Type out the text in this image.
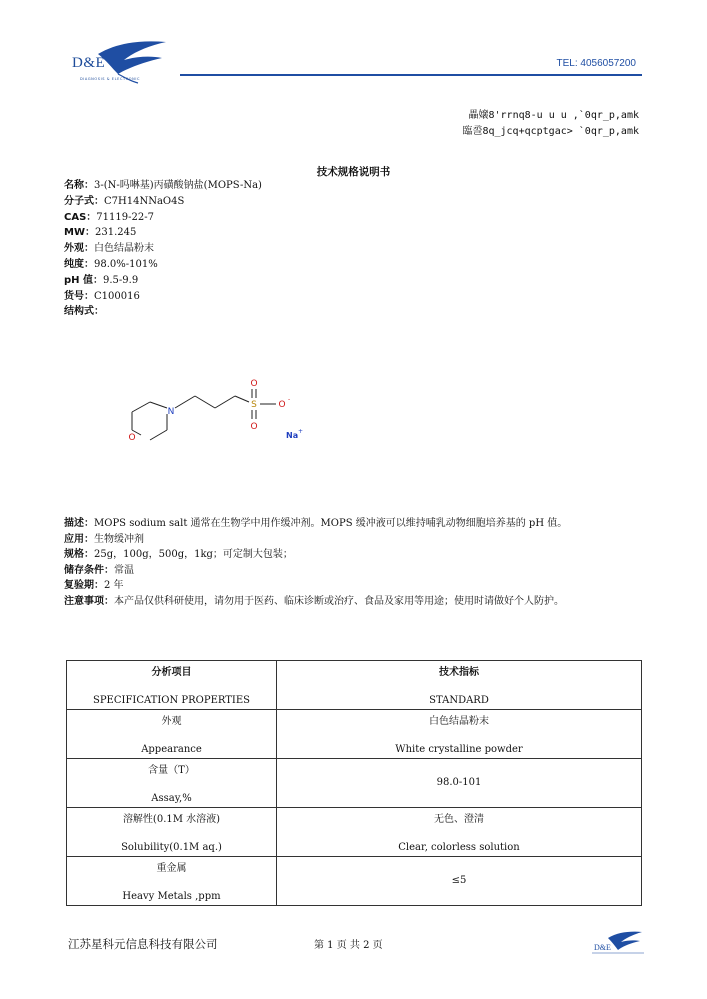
D&E
DIAGNOSIS & ELECTRONIC
TEL: 4056057200
畾嬢8'rrnq8-u u u ,`0qr_p,amk
臨巹8q_jcq+qcptgac> `0qr_p,amk
技术规格说明书
名称：3-(N-吗啉基)丙磺酸钠盐(MOPS-Na)
分子式：C7H14NNaO4S
CAS：71119-22-7
MW：231.245
外观：白色结晶粉末
纯度：98.0%-101%
pH 值：9.5-9.9
货号：C100016
结构式：
N
O
S
O
O
O
-
Na +
描述：MOPS sodium salt 通常在生物学中用作缓冲剂。MOPS 缓冲液可以维持哺乳动物细胞培养基的 pH 值。
应用：生物缓冲剂
规格：25g，100g，500g，1kg；可定制大包装；
储存条件：常温
复验期：2 年
注意事项：本产品仅供科研使用，请勿用于医药、临床诊断或治疗、食品及家用等用途；使用时请做好个人防护。
分析项目
SPECIFICATION PROPERTIES	技术指标
STANDARD

外观
Appearance	白色结晶粉末
White crystalline powder

含量（T）
Assay,%	98.0-101

溶解性(0.1M 水溶液)
Solubility(0.1M aq.)	无色、澄清
Clear, colorless solution

重金属
Heavy Metals ,ppm	≤5
江苏星科元信息科技有限公司	第 1 页 共 2 页	D&E
